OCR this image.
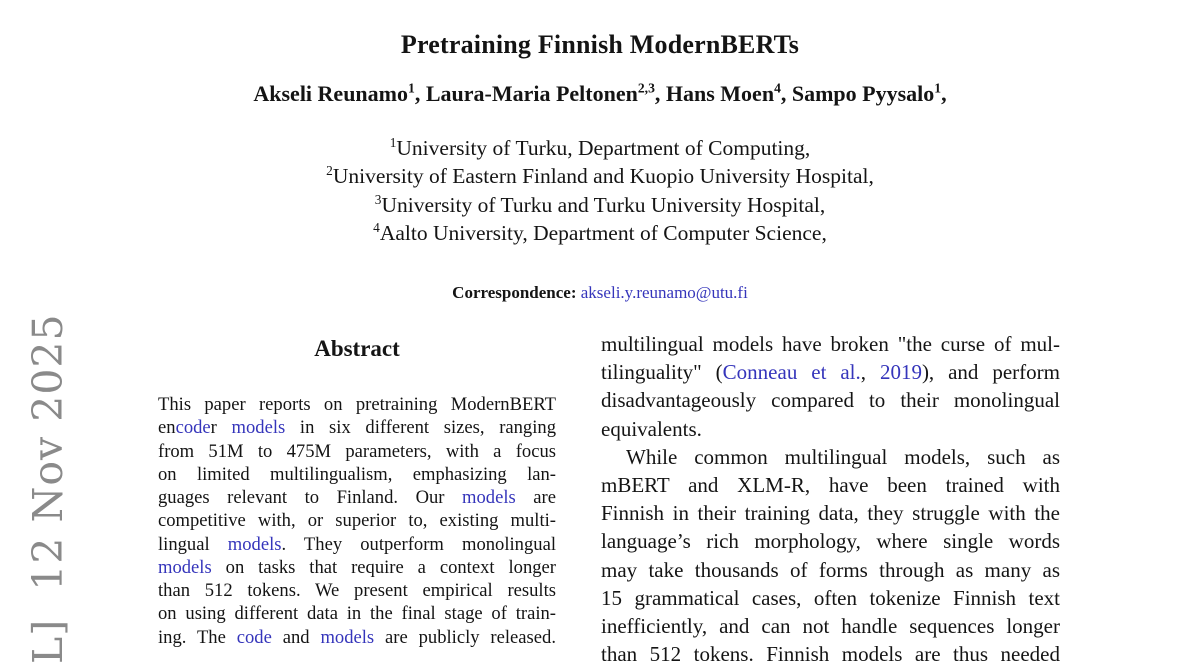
L]  12 Nov 2025
Pretraining Finnish ModernBERTs
Akseli Reunamo$^1$, Laura-Maria Peltonen$^{2,3}$, Hans Moen$^4$, Sampo Pyysalo$^1$,
$^1$University of Turku, Department of Computing,
$^2$University of Eastern Finland and Kuopio University Hospital,
$^3$University of Turku and Turku University Hospital,
$^4$Aalto University, Department of Computer Science,
Correspondence: akseli.y.reunamo@utu.fi
Abstract
This paper reports on pretraining ModernBERT
encoder models in six different sizes, ranging
from 51M to 475M parameters, with a focus
on limited multilingualism, emphasizing lan-
guages relevant to Finland. Our models are
competitive with, or superior to, existing multi-
lingual models. They outperform monolingual
models on tasks that require a context longer
than 512 tokens. We present empirical results
on using different data in the final stage of train-
ing. The code and models are publicly released.
multilingual models have broken "the curse of mul-
tilinguality" (Conneau et al., 2019), and perform
disadvantageously compared to their monolingual
equivalents.
While common multilingual models, such as
mBERT and XLM-R, have been trained with
Finnish in their training data, they struggle with the
language’s rich morphology, where single words
may take thousands of forms through as many as
15 grammatical cases, often tokenize Finnish text
inefficiently, and can not handle sequences longer
than 512 tokens. Finnish models are thus needed
